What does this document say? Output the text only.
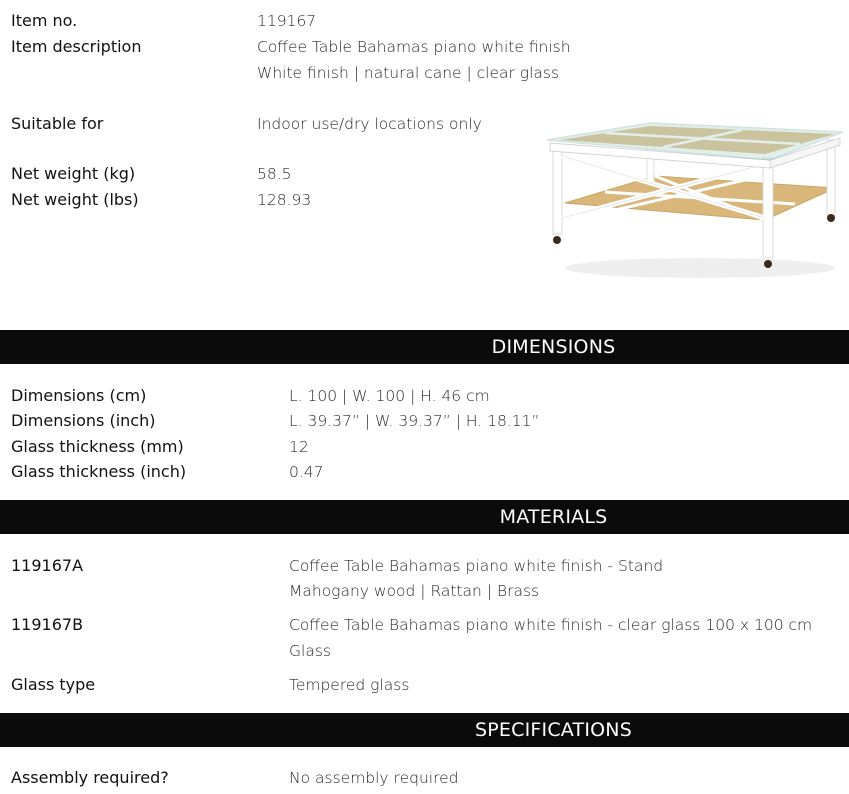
Item no.	119167
Item description	Coffee Table Bahamas piano white finish
White finish | natural cane | clear glass
Suitable for	Indoor use/dry locations only
Net weight (kg)	58.5
Net weight (lbs)	128.93
DIMENSIONS
Dimensions (cm)	L. 100 | W. 100 | H. 46 cm
Dimensions (inch)	L. 39.37” | W. 39.37” | H. 18.11”
Glass thickness (mm)	12
Glass thickness (inch)	0.47
MATERIALS
119167A	Coffee Table Bahamas piano white finish - Stand
Mahogany wood | Rattan | Brass
119167B	Coffee Table Bahamas piano white finish - clear glass 100 x 100 cm
Glass
Glass type	Tempered glass
SPECIFICATIONS
Assembly required?	No assembly required
